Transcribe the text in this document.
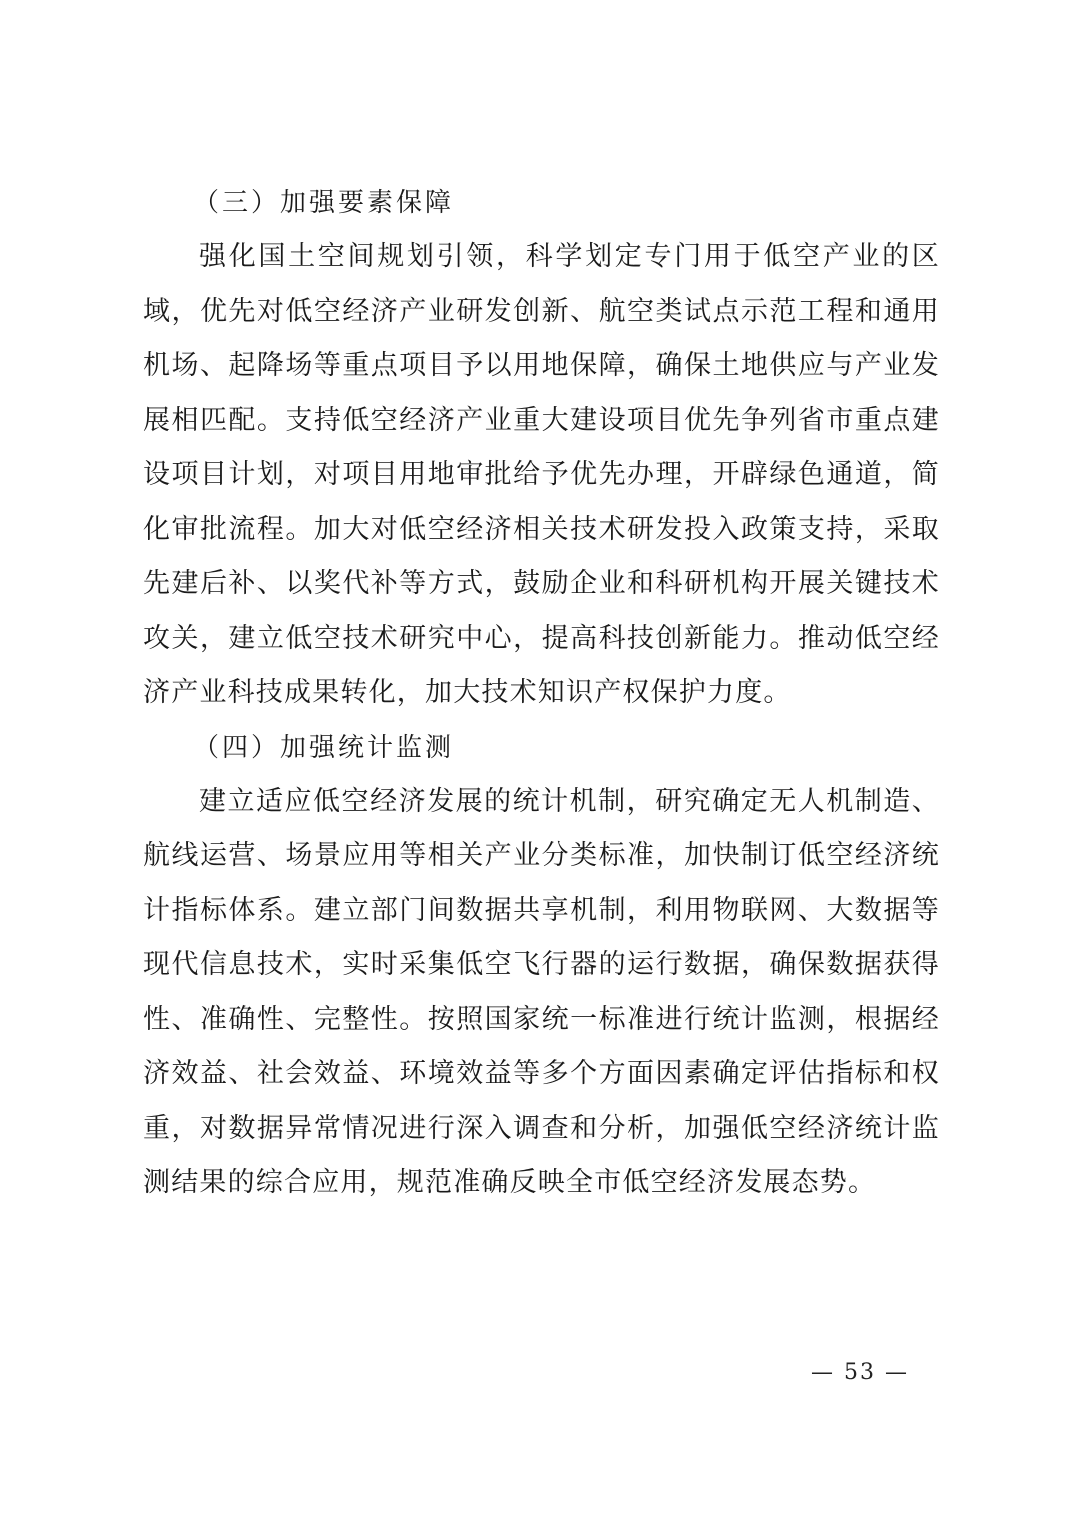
（三）加强要素保障

强化国土空间规划引领，科学划定专门用于低空产业的区域，优先对低空经济产业研发创新、航空类试点示范工程和通用机场、起降场等重点项目予以用地保障，确保土地供应与产业发展相匹配。支持低空经济产业重大建设项目优先争列省市重点建设项目计划，对项目用地审批给予优先办理，开辟绿色通道，简化审批流程。加大对低空经济相关技术研发投入政策支持，采取先建后补、以奖代补等方式，鼓励企业和科研机构开展关键技术攻关，建立低空技术研究中心，提高科技创新能力。推动低空经济产业科技成果转化，加大技术知识产权保护力度。

（四）加强统计监测

建立适应低空经济发展的统计机制，研究确定无人机制造、航线运营、场景应用等相关产业分类标准，加快制订低空经济统计指标体系。建立部门间数据共享机制，利用物联网、大数据等现代信息技术，实时采集低空飞行器的运行数据，确保数据获得性、准确性、完整性。按照国家统一标准进行统计监测，根据经济效益、社会效益、环境效益等多个方面因素确定评估指标和权重，对数据异常情况进行深入调查和分析，加强低空经济统计监测结果的综合应用，规范准确反映全市低空经济发展态势。

— 53 —
